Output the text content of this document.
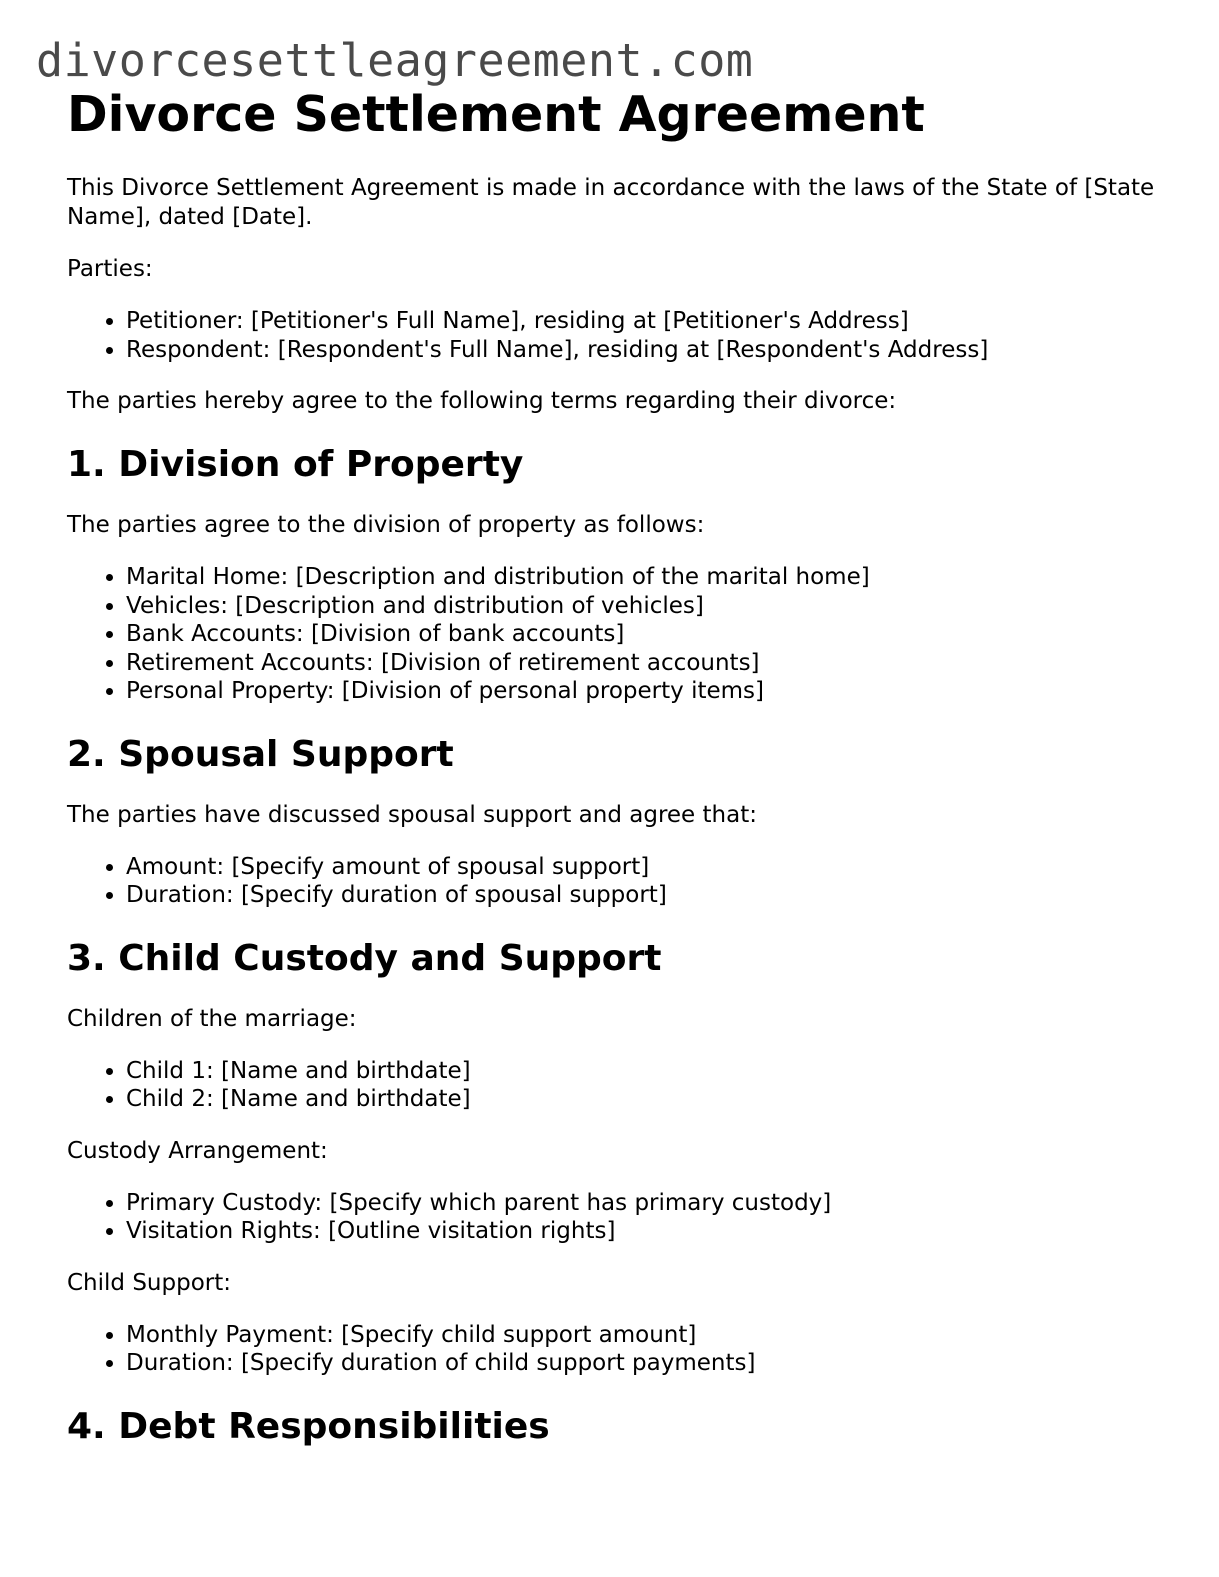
divorcesettleagreement.com
Divorce Settlement Agreement

This Divorce Settlement Agreement is made in accordance with the laws of the State of [State Name], dated [Date].

Parties:

• Petitioner: [Petitioner's Full Name], residing at [Petitioner's Address]
• Respondent: [Respondent's Full Name], residing at [Respondent's Address]

The parties hereby agree to the following terms regarding their divorce:

1. Division of Property

The parties agree to the division of property as follows:

• Marital Home: [Description and distribution of the marital home]
• Vehicles: [Description and distribution of vehicles]
• Bank Accounts: [Division of bank accounts]
• Retirement Accounts: [Division of retirement accounts]
• Personal Property: [Division of personal property items]
2. Spousal Support

The parties have discussed spousal support and agree that:

• Amount: [Specify amount of spousal support]
• Duration: [Specify duration of spousal support]
3. Child Custody and Support

Children of the marriage:

• Child 1: [Name and birthdate]
• Child 2: [Name and birthdate]

Custody Arrangement:

• Primary Custody: [Specify which parent has primary custody]
• Visitation Rights: [Outline visitation rights]

Child Support:

• Monthly Payment: [Specify child support amount]
• Duration: [Specify duration of child support payments]
4. Debt Responsibilities
